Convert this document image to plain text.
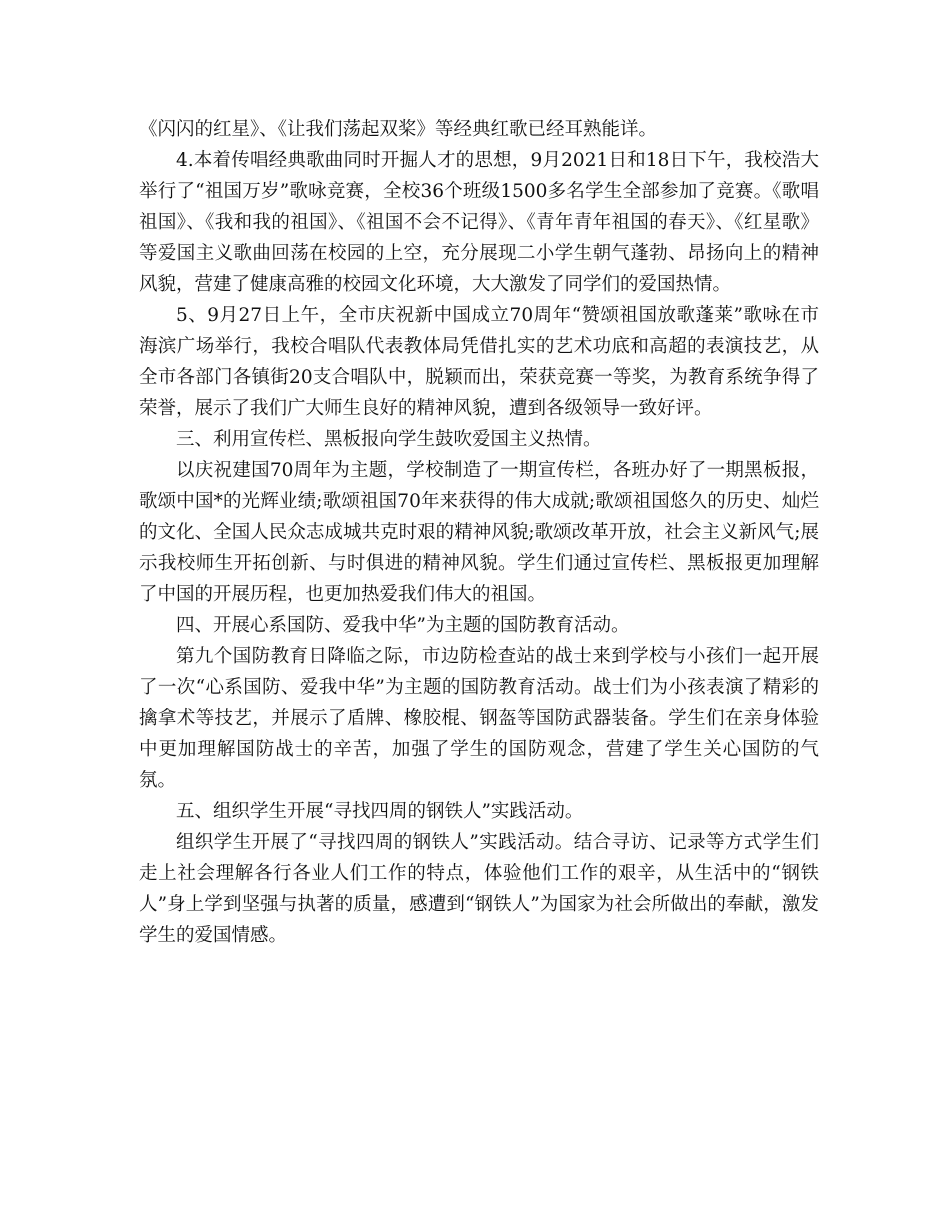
《闪闪的红星》、《让我们荡起双桨》等经典红歌已经耳熟能详。

4.本着传唱经典歌曲同时开掘人才的思想，9月2021日和18日下午，我校浩大举行了“祖国万岁”歌咏竞赛，全校36个班级1500多名学生全部参加了竞赛。《歌唱祖国》、《我和我的祖国》、《祖国不会不记得》、《青年青年祖国的春天》、《红星歌》等爱国主义歌曲回荡在校园的上空，充分展现二小学生朝气蓬勃、昂扬向上的精神风貌，营建了健康高雅的校园文化环境，大大激发了同学们的爱国热情。

5、9月27日上午，全市庆祝新中国成立70周年“赞颂祖国放歌蓬莱”歌咏在市海滨广场举行，我校合唱队代表教体局凭借扎实的艺术功底和高超的表演技艺，从全市各部门各镇街20支合唱队中，脱颖而出，荣获竞赛一等奖，为教育系统争得了荣誉，展示了我们广大师生良好的精神风貌，遭到各级领导一致好评。

三、利用宣传栏、黑板报向学生鼓吹爱国主义热情。

以庆祝建国70周年为主题，学校制造了一期宣传栏，各班办好了一期黑板报，歌颂中国*的光辉业绩;歌颂祖国70年来获得的伟大成就;歌颂祖国悠久的历史、灿烂的文化、全国人民众志成城共克时艰的精神风貌;歌颂改革开放，社会主义新风气;展示我校师生开拓创新、与时俱进的精神风貌。学生们通过宣传栏、黑板报更加理解了中国的开展历程，也更加热爱我们伟大的祖国。

四、开展心系国防、爱我中华”为主题的国防教育活动。

第九个国防教育日降临之际，市边防检查站的战士来到学校与小孩们一起开展了一次“心系国防、爱我中华”为主题的国防教育活动。战士们为小孩表演了精彩的擒拿术等技艺，并展示了盾牌、橡胶棍、钢盔等国防武器装备。学生们在亲身体验中更加理解国防战士的辛苦，加强了学生的国防观念，营建了学生关心国防的气氛。

五、组织学生开展“寻找四周的钢铁人”实践活动。

组织学生开展了“寻找四周的钢铁人”实践活动。结合寻访、记录等方式学生们走上社会理解各行各业人们工作的特点，体验他们工作的艰辛，从生活中的“钢铁人”身上学到坚强与执著的质量，感遭到“钢铁人”为国家为社会所做出的奉献，激发学生的爱国情感。
